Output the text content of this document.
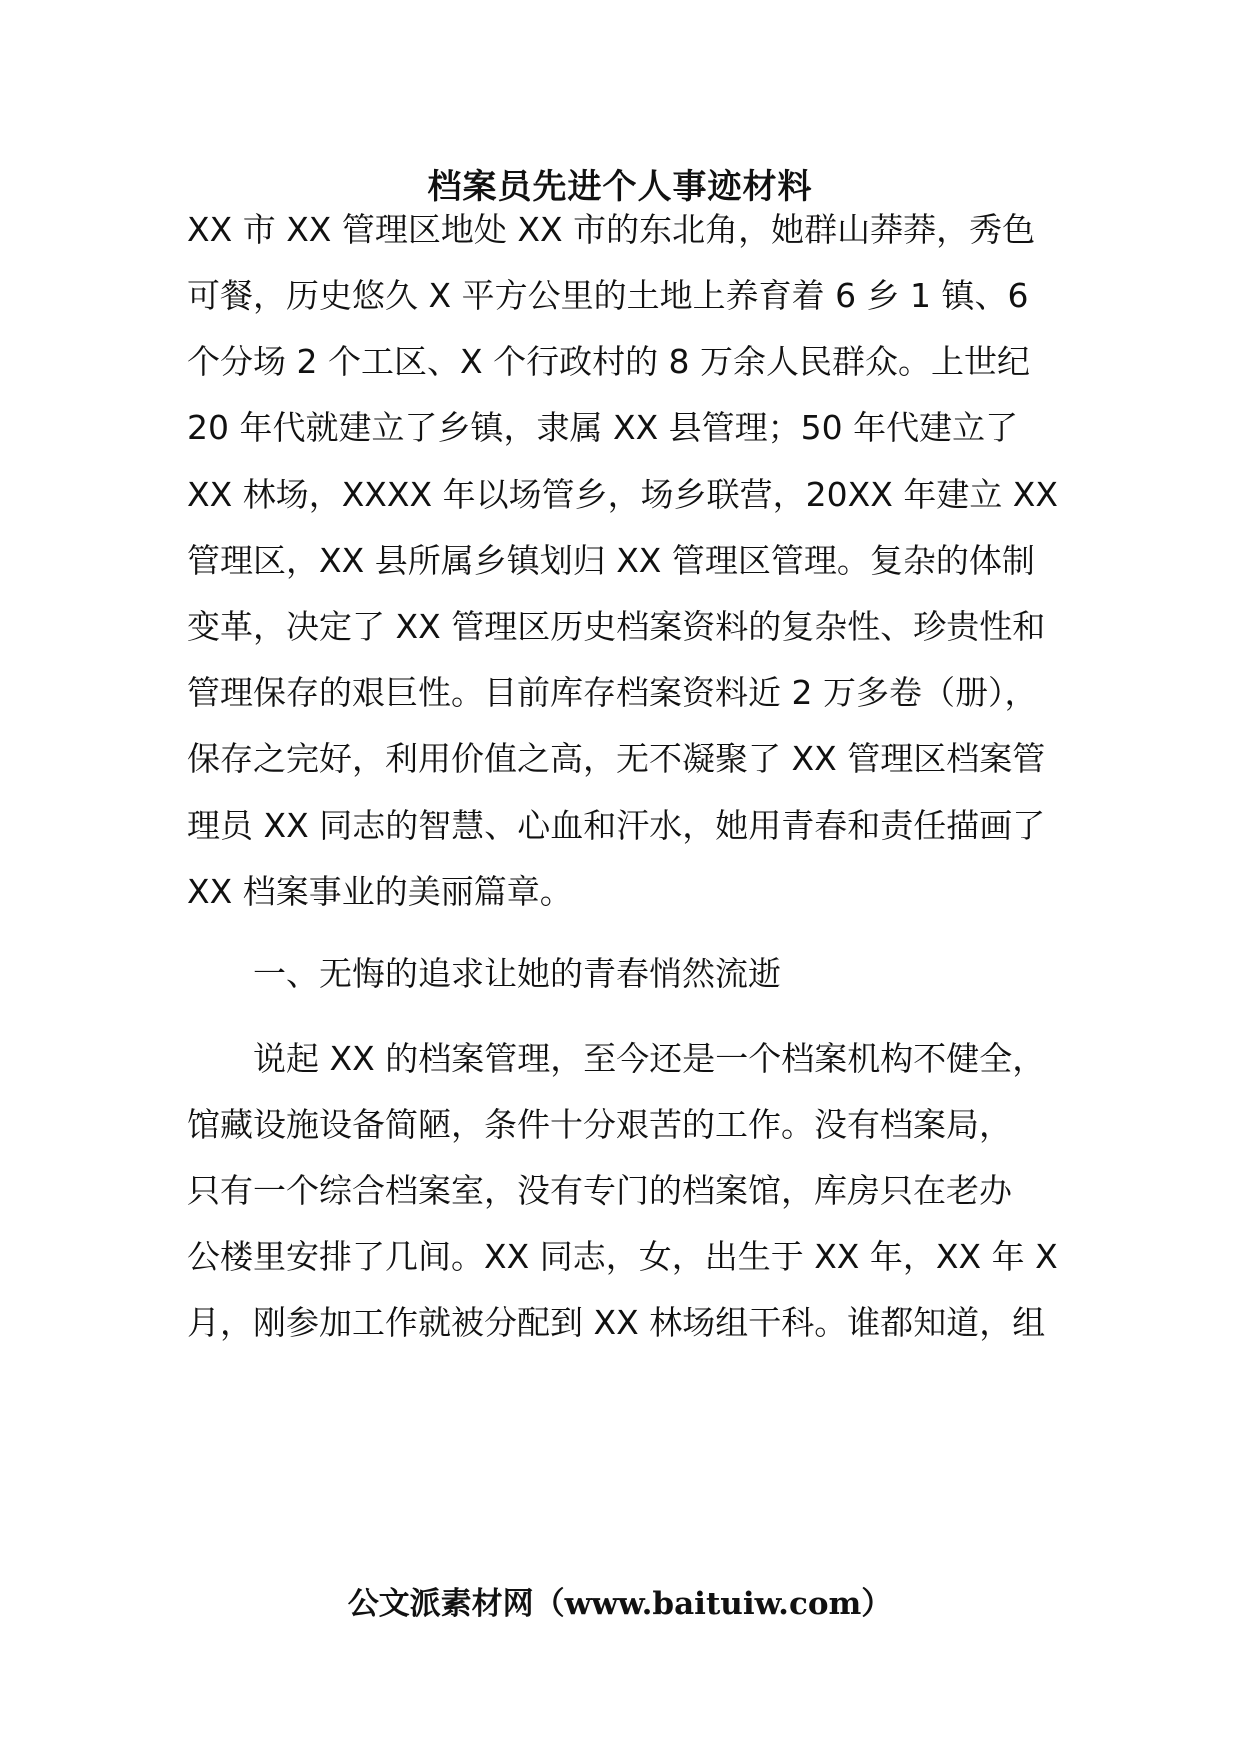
档案员先进个人事迹材料

XX 市 XX 管理区地处 XX 市的东北角，她群山莽莽，秀色

可餐，历史悠久 X 平方公里的土地上养育着 6 乡 1 镇、6

个分场 2 个工区、X 个行政村的 8 万余人民群众。上世纪

20 年代就建立了乡镇，隶属 XX 县管理；50 年代建立了

XX 林场，XXXX 年以场管乡，场乡联营，20XX 年建立 XX

管理区，XX 县所属乡镇划归 XX 管理区管理。复杂的体制

变革，决定了 XX 管理区历史档案资料的复杂性、珍贵性和

管理保存的艰巨性。目前库存档案资料近 2 万多卷（册），

保存之完好，利用价值之高，无不凝聚了 XX 管理区档案管

理员 XX 同志的智慧、心血和汗水，她用青春和责任描画了

XX 档案事业的美丽篇章。

一、无悔的追求让她的青春悄然流逝

说起 XX 的档案管理，至今还是一个档案机构不健全，

馆藏设施设备简陋，条件十分艰苦的工作。没有档案局，

只有一个综合档案室，没有专门的档案馆，库房只在老办

公楼里安排了几间。XX 同志，女，出生于 XX 年，XX 年 X

月，刚参加工作就被分配到 XX 林场组干科。谁都知道，组

公文派素材网（www.baituiw.com）
